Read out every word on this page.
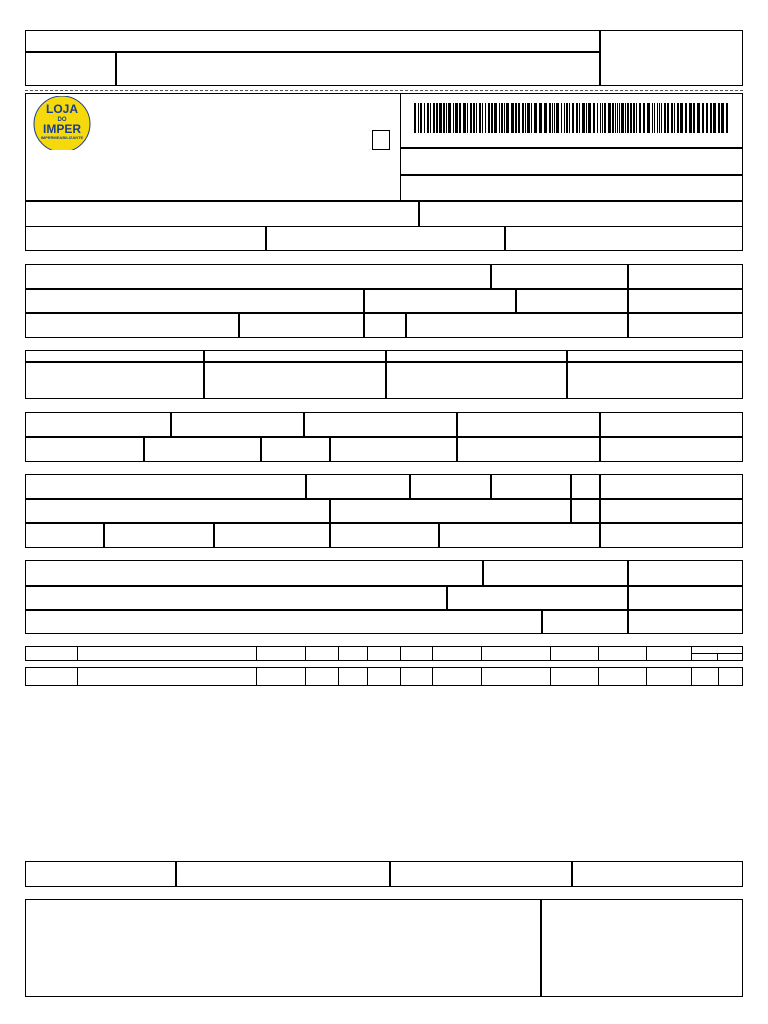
LOJA
DO
IMPER
IMPERMEABILIZANTE
